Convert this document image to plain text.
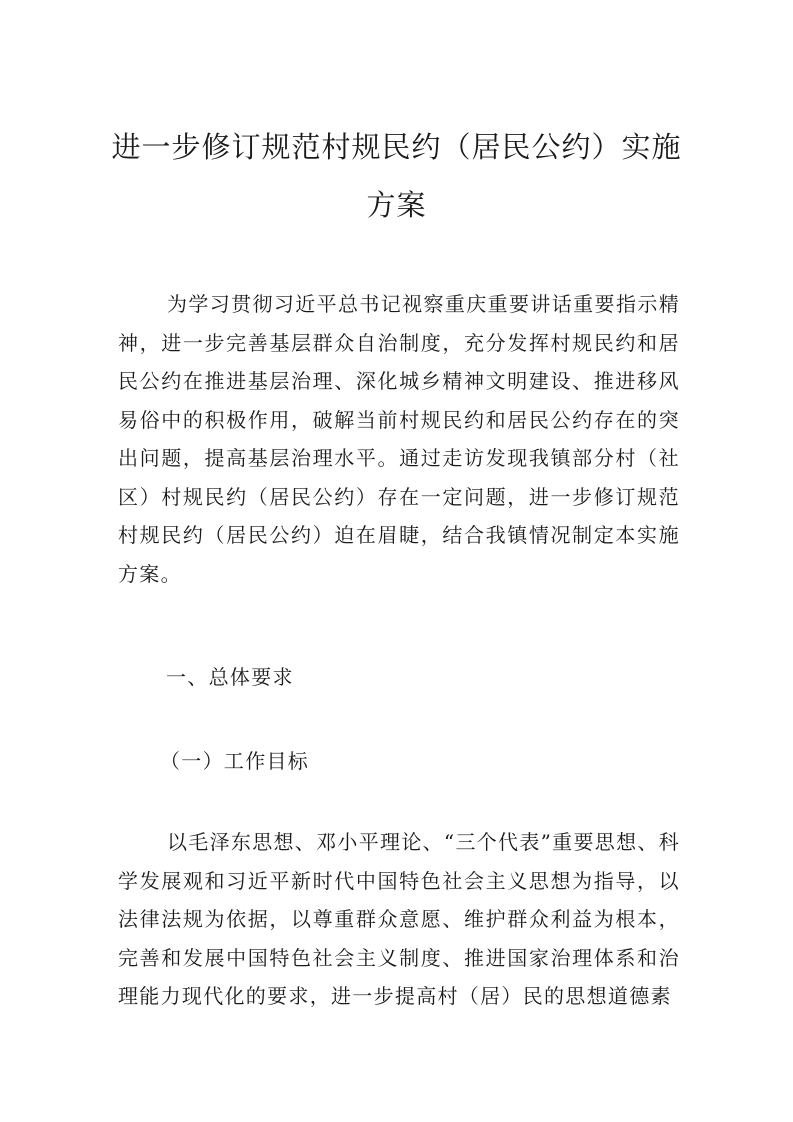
进一步修订规范村规民约（居民公约）实施方案

为学习贯彻习近平总书记视察重庆重要讲话重要指示精神，进一步完善基层群众自治制度，充分发挥村规民约和居民公约在推进基层治理、深化城乡精神文明建设、推进移风易俗中的积极作用，破解当前村规民约和居民公约存在的突出问题，提高基层治理水平。通过走访发现我镇部分村（社区）村规民约（居民公约）存在一定问题，进一步修订规范村规民约（居民公约）迫在眉睫，结合我镇情况制定本实施方案。

一、总体要求

（一）工作目标

以毛泽东思想、邓小平理论、“三个代表”重要思想、科学发展观和习近平新时代中国特色社会主义思想为指导，以法律法规为依据，以尊重群众意愿、维护群众利益为根本，完善和发展中国特色社会主义制度、推进国家治理体系和治理能力现代化的要求，进一步提高村（居）民的思想道德素
